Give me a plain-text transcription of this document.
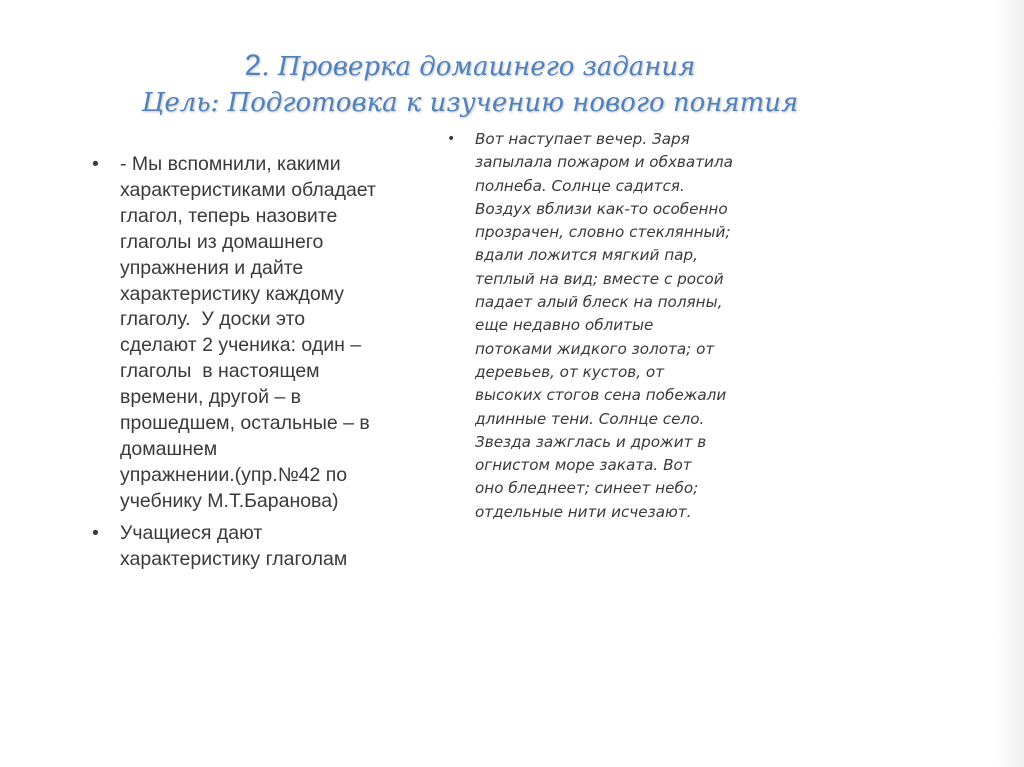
2. Проверка домашнего задания
Цель: Подготовка к изучению нового понятия
• - Мы вспомнили, какими
характеристиками обладает
глагол, теперь назовите
глаголы из домашнего
упражнения и дайте
характеристику каждому
глаголу.  У доски это
сделают 2 ученика: один –
глаголы  в настоящем
времени, другой – в
прошедшем, остальные – в
домашнем
упражнении.(упр.№42 по
учебнику М.Т.Баранова)
• Учащиеся дают
характеристику глаголам
• Вот наступает вечер. Заря
запылала пожаром и обхватила
полнеба. Солнце садится.
Воздух вблизи как-то особенно
прозрачен, словно стеклянный;
вдали ложится мягкий пар,
теплый на вид; вместе с росой
падает алый блеск на поляны,
еще недавно облитые
потоками жидкого золота; от
деревьев, от кустов, от
высоких стогов сена побежали
длинные тени. Солнце село.
Звезда зажглась и дрожит в
огнистом море заката. Вот
оно бледнеет; синеет небо;
отдельные нити исчезают.
